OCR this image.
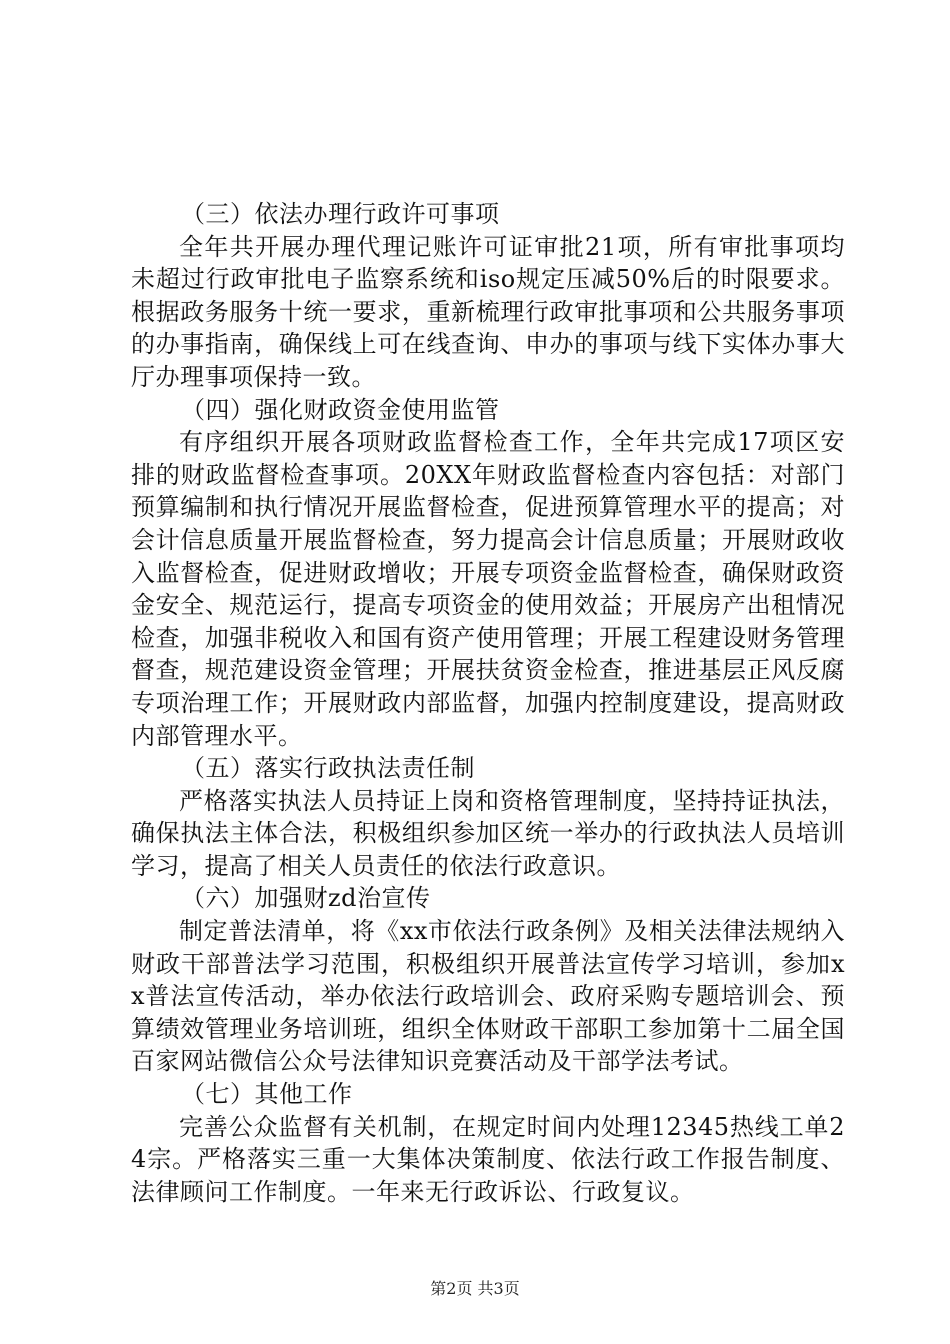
（三）依法办理行政许可事项

全年共开展办理代理记账许可证审批21项，所有审批事项均未超过行政审批电子监察系统和iso规定压减50%后的时限要求。根据政务服务十统一要求，重新梳理行政审批事项和公共服务事项的办事指南，确保线上可在线查询、申办的事项与线下实体办事大厅办理事项保持一致。

（四）强化财政资金使用监管

有序组织开展各项财政监督检查工作，全年共完成17项区安排的财政监督检查事项。20XX年财政监督检查内容包括：对部门预算编制和执行情况开展监督检查，促进预算管理水平的提高；对会计信息质量开展监督检查，努力提高会计信息质量；开展财政收入监督检查，促进财政增收；开展专项资金监督检查，确保财政资金安全、规范运行，提高专项资金的使用效益；开展房产出租情况检查，加强非税收入和国有资产使用管理；开展工程建设财务管理督查，规范建设资金管理；开展扶贫资金检查，推进基层正风反腐专项治理工作；开展财政内部监督，加强内控制度建设，提高财政内部管理水平。

（五）落实行政执法责任制

严格落实执法人员持证上岗和资格管理制度，坚持持证执法，确保执法主体合法，积极组织参加区统一举办的行政执法人员培训学习，提高了相关人员责任的依法行政意识。

（六）加强财zd治宣传

制定普法清单，将《xx市依法行政条例》及相关法律法规纳入财政干部普法学习范围，积极组织开展普法宣传学习培训，参加xx普法宣传活动，举办依法行政培训会、政府采购专题培训会、预算绩效管理业务培训班，组织全体财政干部职工参加第十二届全国百家网站微信公众号法律知识竞赛活动及干部学法考试。

（七）其他工作

完善公众监督有关机制，在规定时间内处理12345热线工单24宗。严格落实三重一大集体决策制度、依法行政工作报告制度、法律顾问工作制度。一年来无行政诉讼、行政复议。

第2页 共3页
